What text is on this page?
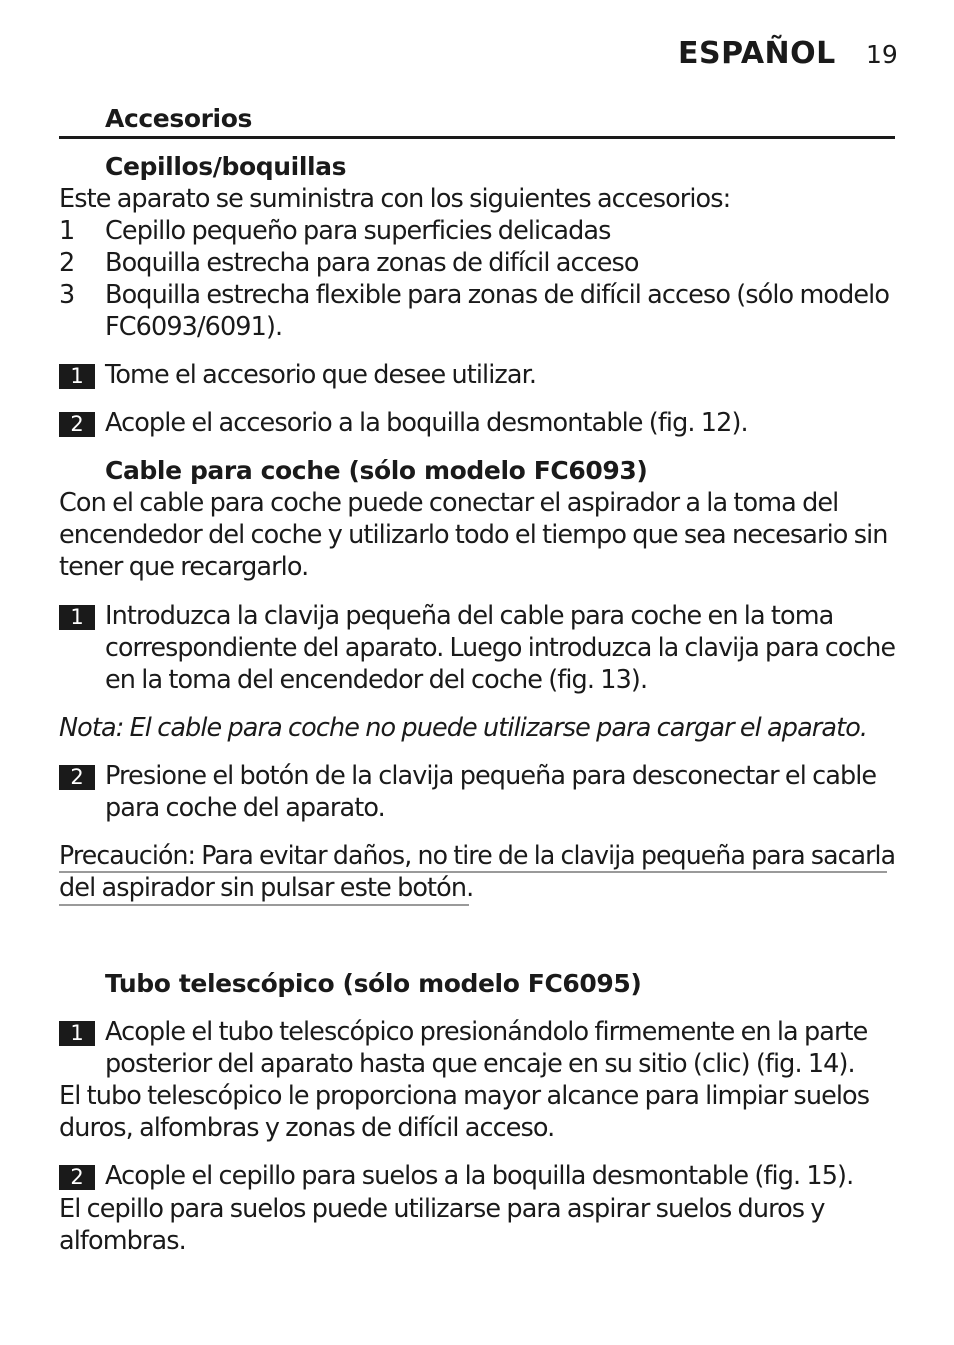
ESPAÑOL 19
Accesorios
Cepillos/boquillas
Este aparato se suministra con los siguientes accesorios:
1 Cepillo pequeño para superficies delicadas
2 Boquilla estrecha para zonas de difícil acceso
3 Boquilla estrecha flexible para zonas de difícil acceso (sólo modelo
FC6093/6091).
1 Tome el accesorio que desee utilizar.
2 Acople el accesorio a la boquilla desmontable (fig. 12).
Cable para coche (sólo modelo FC6093)
Con el cable para coche puede conectar el aspirador a la toma del
encendedor del coche y utilizarlo todo el tiempo que sea necesario sin
tener que recargarlo.
1 Introduzca la clavija pequeña del cable para coche en la toma
correspondiente del aparato. Luego introduzca la clavija para coche
en la toma del encendedor del coche (fig. 13).
Nota: El cable para coche no puede utilizarse para cargar el aparato.
2 Presione el botón de la clavija pequeña para desconectar el cable
para coche del aparato.
Precaución: Para evitar daños, no tire de la clavija pequeña para sacarla
del aspirador sin pulsar este botón.
Tubo telescópico (sólo modelo FC6095)
1 Acople el tubo telescópico presionándolo firmemente en la parte
posterior del aparato hasta que encaje en su sitio (clic) (fig. 14).
El tubo telescópico le proporciona mayor alcance para limpiar suelos
duros, alfombras y zonas de difícil acceso.
2 Acople el cepillo para suelos a la boquilla desmontable (fig. 15).
El cepillo para suelos puede utilizarse para aspirar suelos duros y
alfombras.
